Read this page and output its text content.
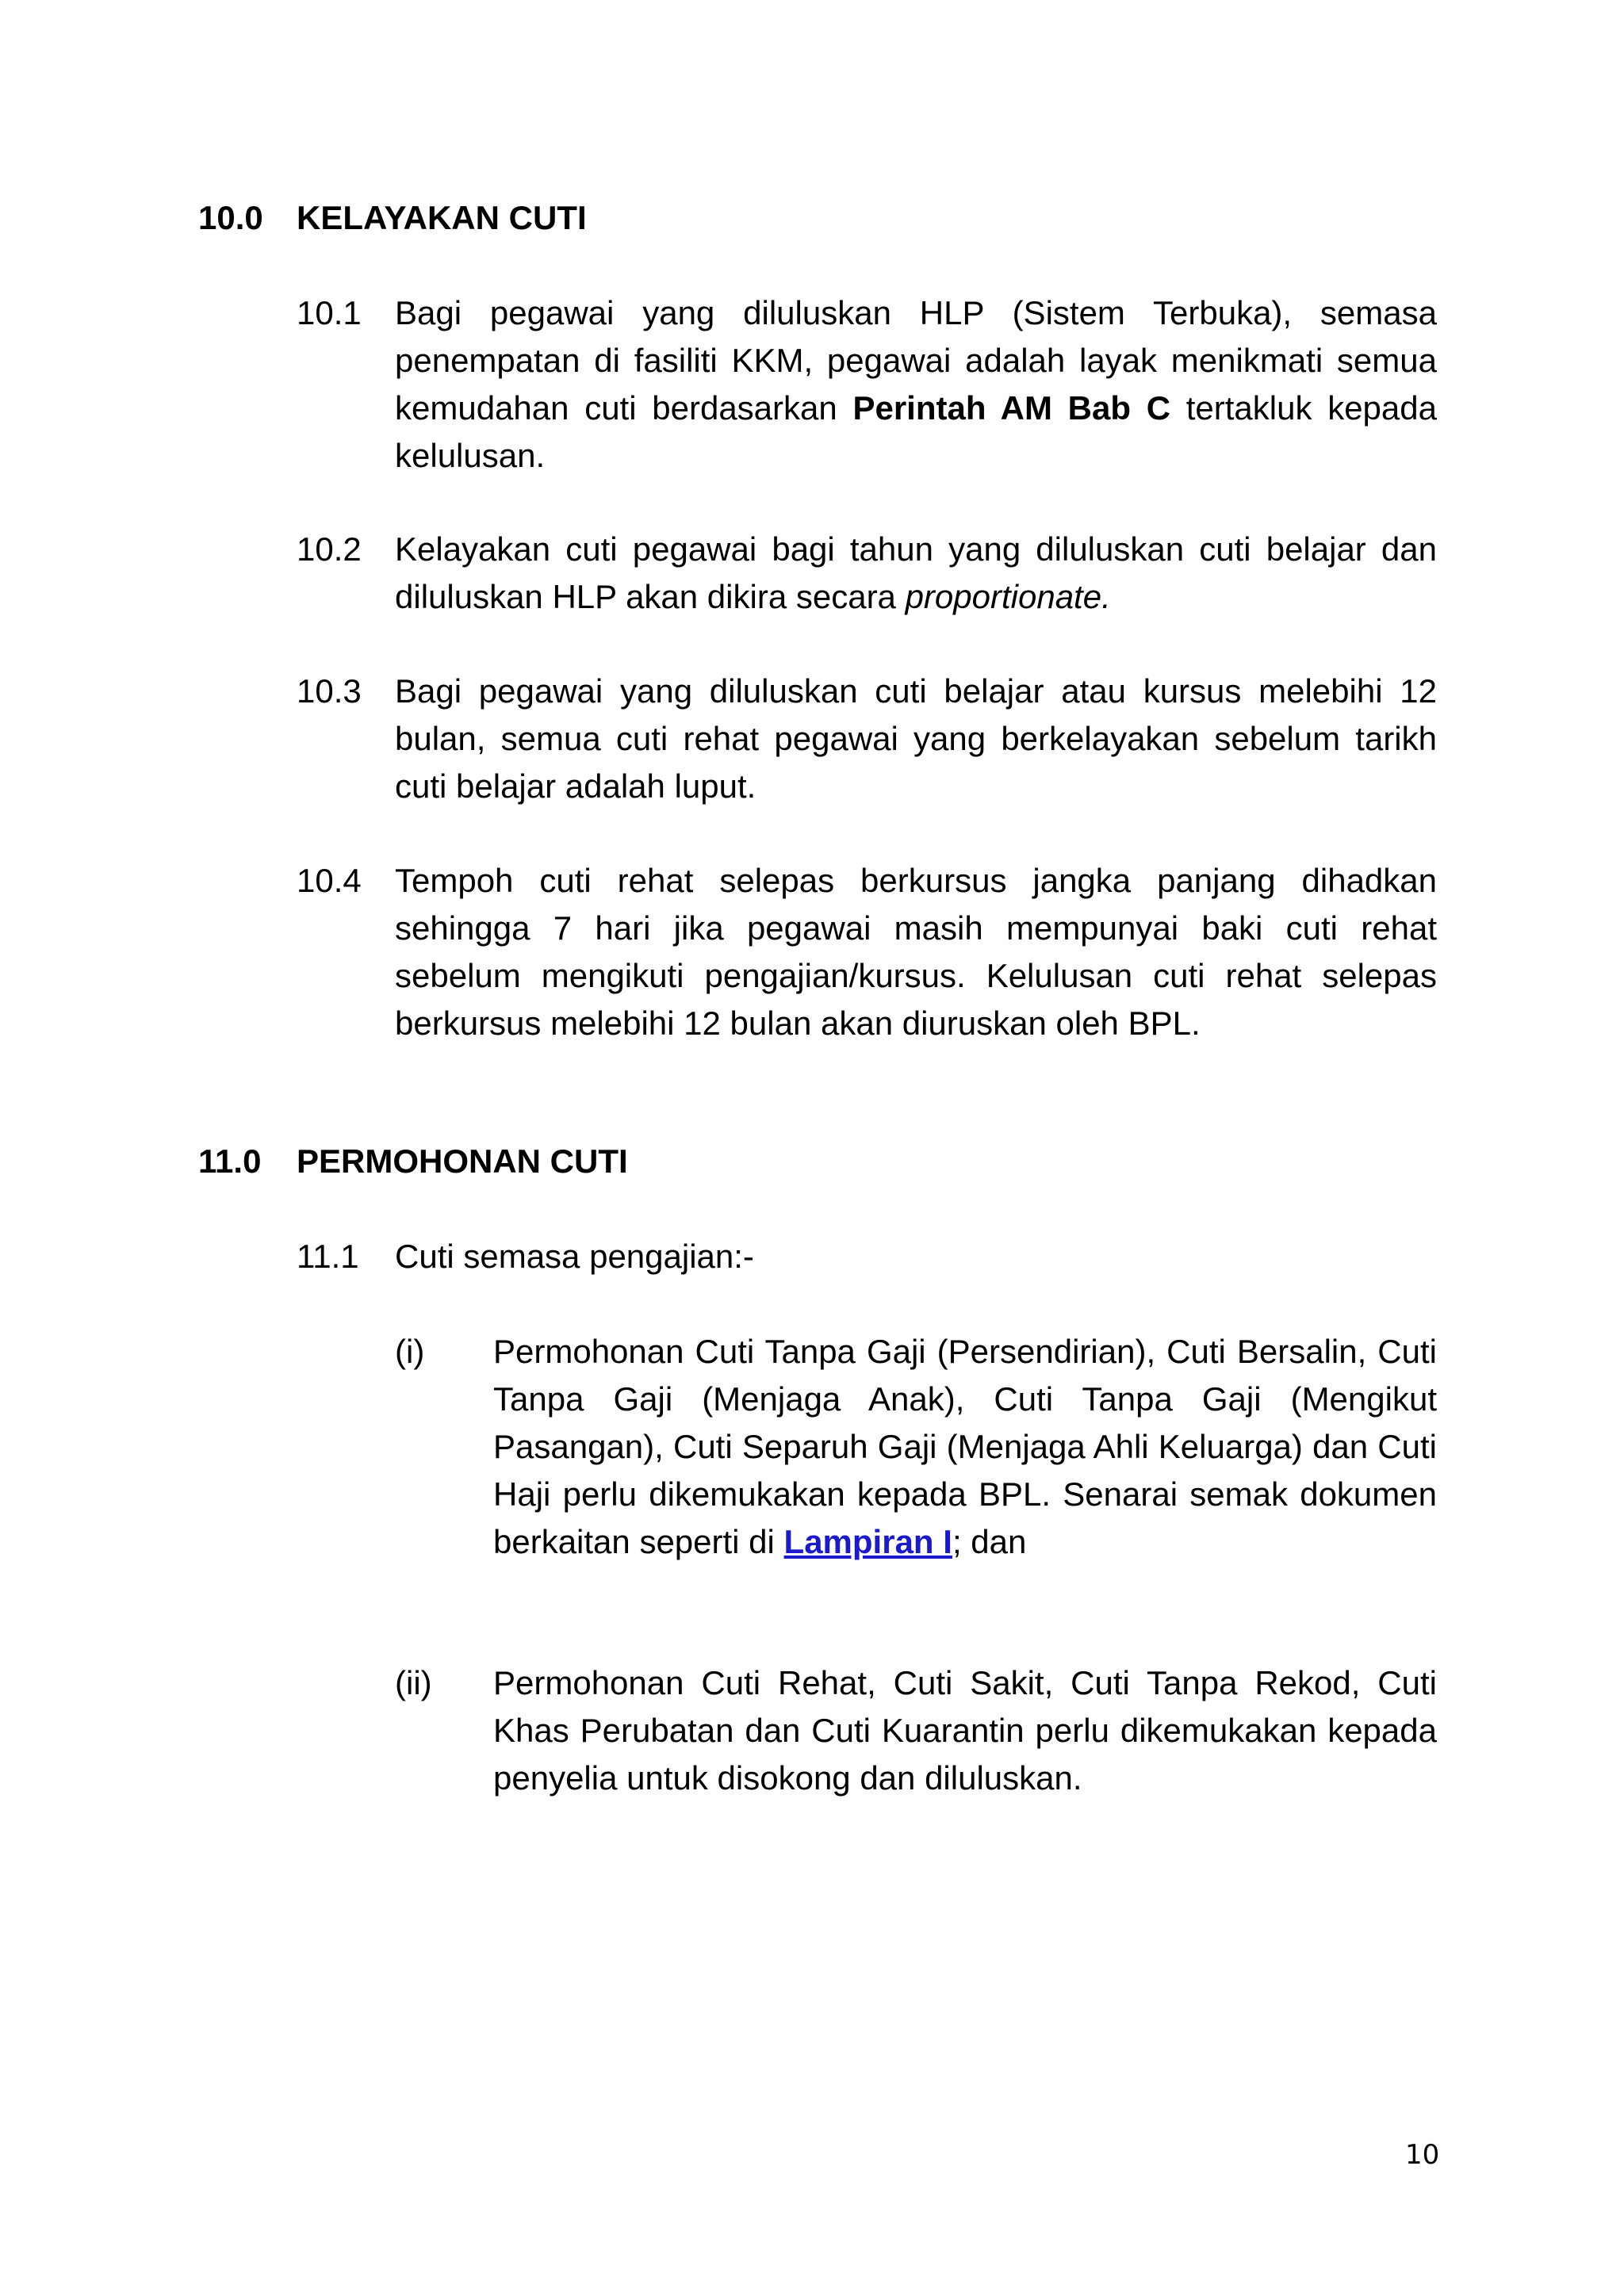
10.0 KELAYAKAN CUTI
10.1 Bagi pegawai yang diluluskan HLP (Sistem Terbuka), semasa penempatan di fasiliti KKM, pegawai adalah layak menikmati semua kemudahan cuti berdasarkan Perintah AM Bab C tertakluk kepada kelulusan.
10.2 Kelayakan cuti pegawai bagi tahun yang diluluskan cuti belajar dan diluluskan HLP akan dikira secara proportionate.
10.3 Bagi pegawai yang diluluskan cuti belajar atau kursus melebihi 12 bulan, semua cuti rehat pegawai yang berkelayakan sebelum tarikh cuti belajar adalah luput.
10.4 Tempoh cuti rehat selepas berkursus jangka panjang dihadkan sehingga 7 hari jika pegawai masih mempunyai baki cuti rehat sebelum mengikuti pengajian/kursus. Kelulusan cuti rehat selepas berkursus melebihi 12 bulan akan diuruskan oleh BPL.
11.0 PERMOHONAN CUTI
11.1 Cuti semasa pengajian:-
(i) Permohonan Cuti Tanpa Gaji (Persendirian), Cuti Bersalin, Cuti Tanpa Gaji (Menjaga Anak), Cuti Tanpa Gaji (Mengikut Pasangan), Cuti Separuh Gaji (Menjaga Ahli Keluarga) dan Cuti Haji perlu dikemukakan kepada BPL. Senarai semak dokumen berkaitan seperti di Lampiran I; dan
(ii) Permohonan Cuti Rehat, Cuti Sakit, Cuti Tanpa Rekod, Cuti Khas Perubatan dan Cuti Kuarantin perlu dikemukakan kepada penyelia untuk disokong dan diluluskan.
10
